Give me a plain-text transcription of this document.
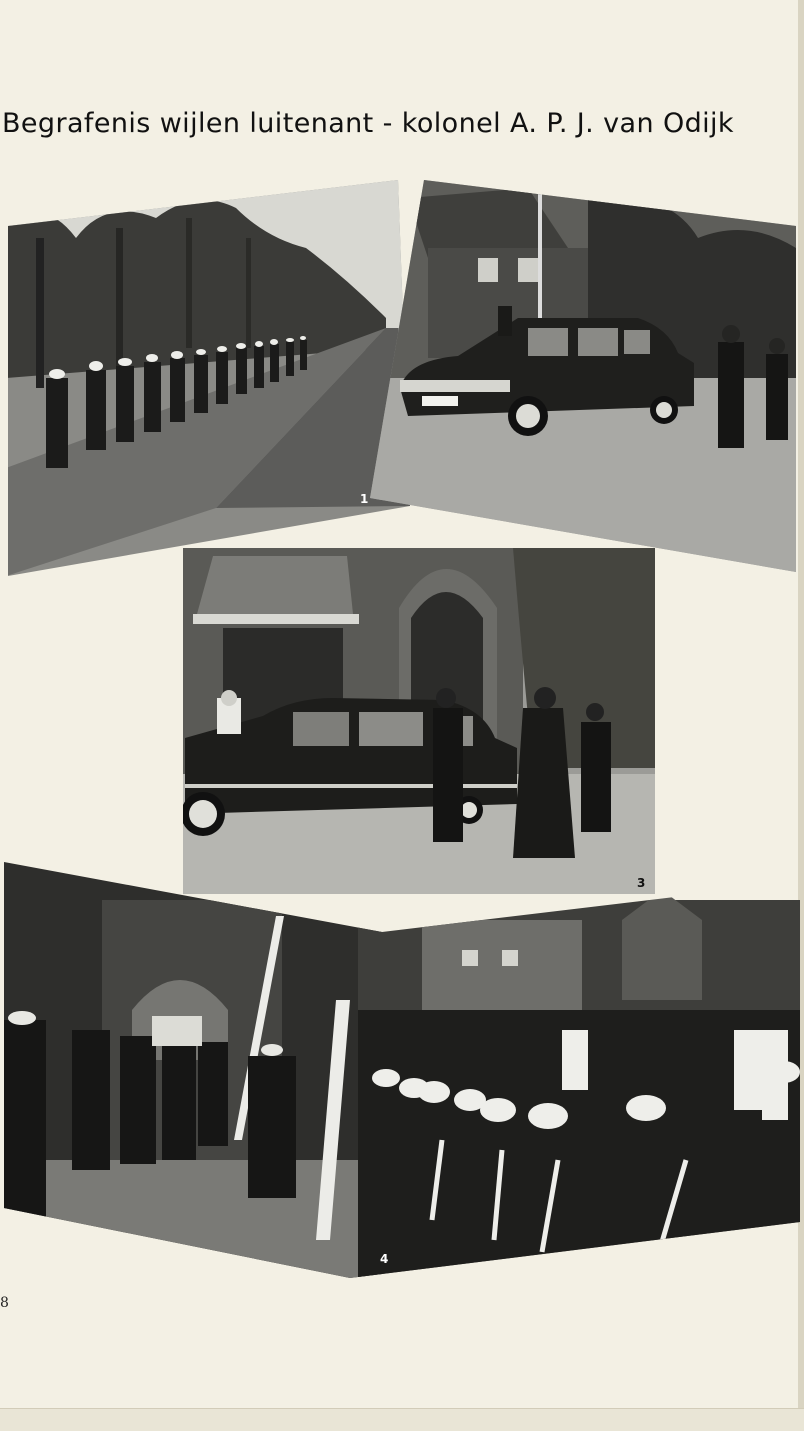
Begrafenis wijlen luitenant - kolonel A. P. J. van Odijk
1
3
4
8
